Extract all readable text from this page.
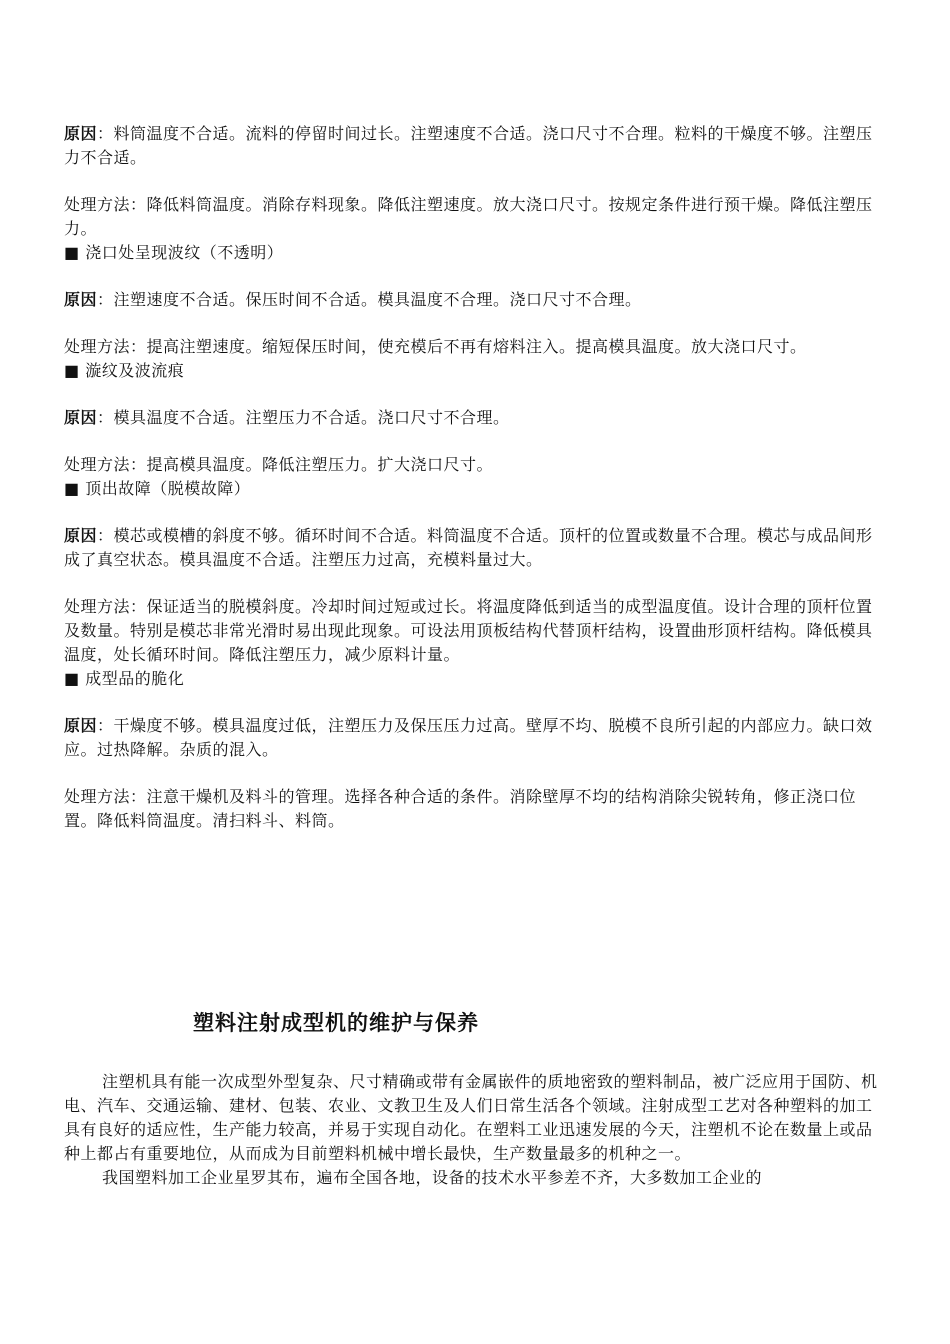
原因：料筒温度不合适。流料的停留时间过长。注塑速度不合适。浇口尺寸不合理。粒料的干燥度不够。注塑压力不合适。

处理方法：降低料筒温度。消除存料现象。降低注塑速度。放大浇口尺寸。按规定条件进行预干燥。降低注塑压力。

■ 浇口处呈现波纹（不透明）

原因：注塑速度不合适。保压时间不合适。模具温度不合理。浇口尺寸不合理。

处理方法：提高注塑速度。缩短保压时间，使充模后不再有熔料注入。提高模具温度。放大浇口尺寸。

■ 漩纹及波流痕

原因：模具温度不合适。注塑压力不合适。浇口尺寸不合理。

处理方法：提高模具温度。降低注塑压力。扩大浇口尺寸。

■ 顶出故障（脱模故障）

原因：模芯或模槽的斜度不够。循环时间不合适。料筒温度不合适。顶杆的位置或数量不合理。模芯与成品间形成了真空状态。模具温度不合适。注塑压力过高，充模料量过大。

处理方法：保证适当的脱模斜度。冷却时间过短或过长。将温度降低到适当的成型温度值。设计合理的顶杆位置及数量。特别是模芯非常光滑时易出现此现象。可设法用顶板结构代替顶杆结构，设置曲形顶杆结构。降低模具温度，处长循环时间。降低注塑压力，减少原料计量。

■ 成型品的脆化

原因：干燥度不够。模具温度过低，注塑压力及保压压力过高。壁厚不均、脱模不良所引起的内部应力。缺口效应。过热降解。杂质的混入。

处理方法：注意干燥机及料斗的管理。选择各种合适的条件。消除壁厚不均的结构消除尖锐转角，修正浇口位置。降低料筒温度。清扫料斗、料筒。

塑料注射成型机的维护与保养

注塑机具有能一次成型外型复杂、尺寸精确或带有金属嵌件的质地密致的塑料制品，被广泛应用于国防、机电、汽车、交通运输、建材、包装、农业、文教卫生及人们日常生活各个领域。注射成型工艺对各种塑料的加工具有良好的适应性，生产能力较高，并易于实现自动化。在塑料工业迅速发展的今天，注塑机不论在数量上或品种上都占有重要地位，从而成为目前塑料机械中增长最快，生产数量最多的机种之一。

我国塑料加工企业星罗其布，遍布全国各地，设备的技术水平参差不齐，大多数加工企业的
